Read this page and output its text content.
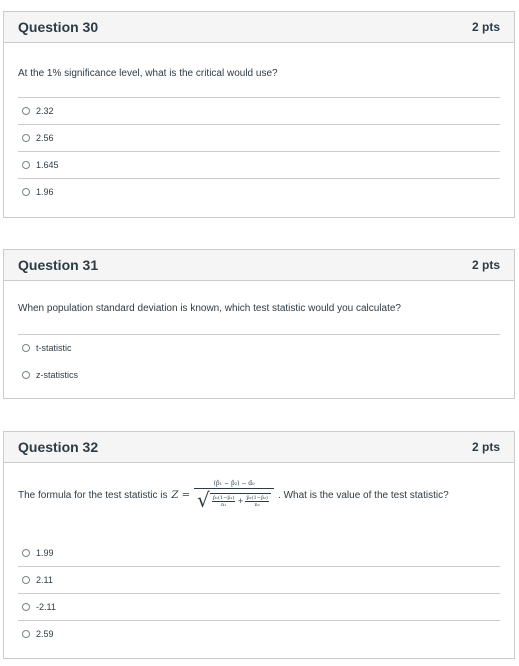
Question 30	2 pts
At the 1% significance level, what is the critical would use?
2.32
2.56
1.645
1.96
Question 31	2 pts
When population standard deviation is known, which test statistic would you calculate?
t-statistic
z-statistics
Question 32	2 pts
The formula for the test statistic is Z =
(p̂₁ − p̂₂) − d₀
√ p̂₁(1−p̂₁)
$n_1 + \frac{\text{p̂₂(1−p̂₂)}}{\text{n₂}}$ . What is the value of the test statistic?
1.99
2.11
-2.11
2.59
